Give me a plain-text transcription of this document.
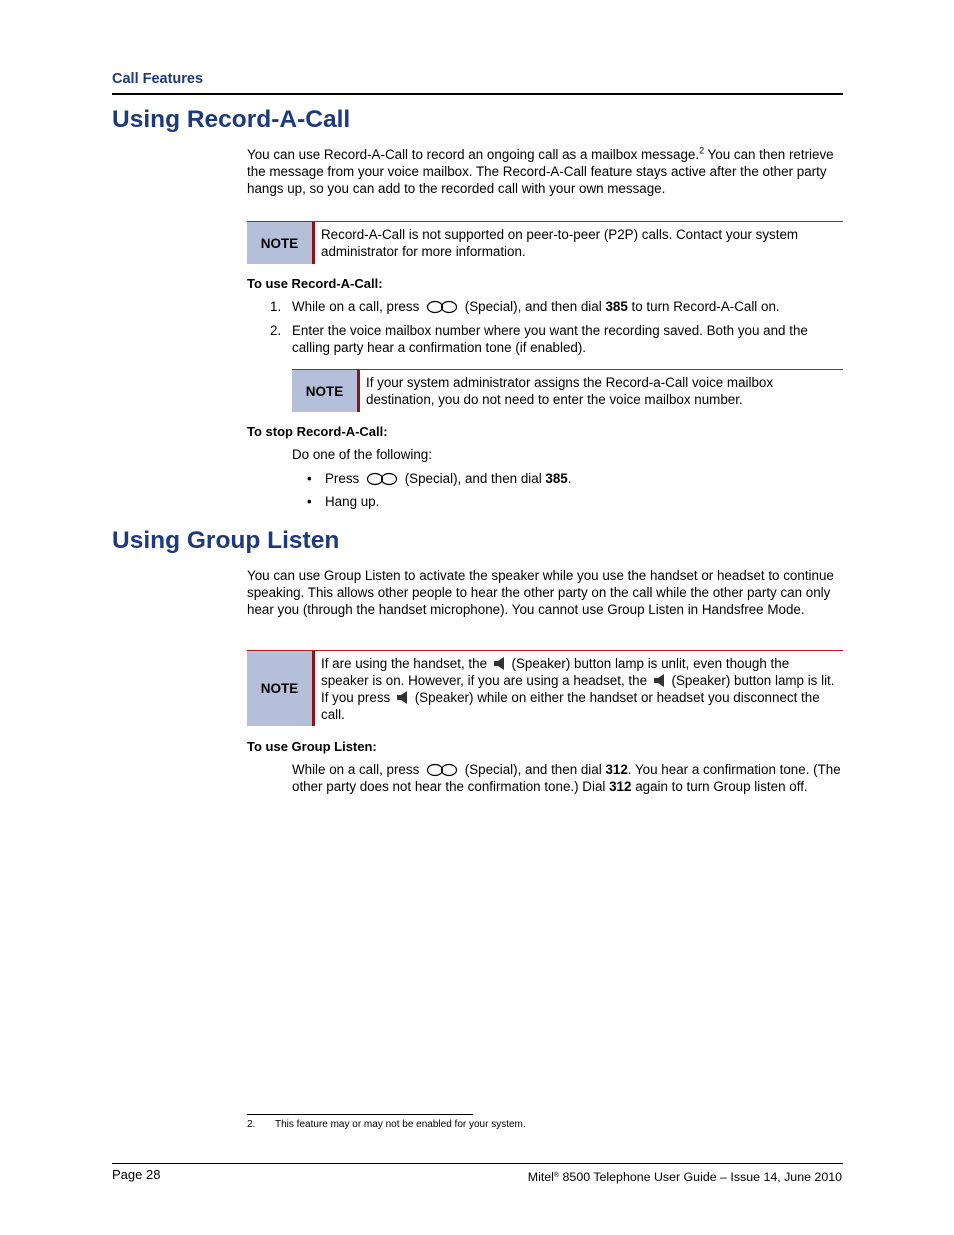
Call Features
Using Record-A-Call

You can use Record-A-Call to record an ongoing call as a mailbox message.$^2$ You can then retrieve the message from your voice mailbox. The Record-A-Call feature stays active after the other party hangs up, so you can add to the recorded call with your own message.

NOTE
Record-A-Call is not supported on peer-to-peer (P2P) calls. Contact your system administrator for more information.
To use Record-A-Call:
1. While on a call, press	(Special), and then dial 385 to turn Record-A-Call on.
2. Enter the voice mailbox number where you want the recording saved. Both you and the calling party hear a confirmation tone (if enabled).
NOTE
If your system administrator assigns the Record-a-Call voice mailbox destination, you do not need to enter the voice mailbox number.
To stop Record-A-Call:

Do one of the following:

• Press	(Special), and then dial 385.
• Hang up.
Using Group Listen

You can use Group Listen to activate the speaker while you use the handset or headset to continue speaking. This allows other people to hear the other party on the call while the other party can only hear you (through the handset microphone). You cannot use Group Listen in Handsfree Mode.

NOTE
If are using the handset, the (Speaker) button lamp is unlit, even though the speaker is on. However, if you are using a headset, the (Speaker) button lamp is lit. If you press (Speaker) while on either the handset or headset you disconnect the call.
To use Group Listen:

While on a call, press	(Special), and then dial 312. You hear a confirmation tone. (The other party does not hear the confirmation tone.) Dial 312 again to turn Group listen off.

2.	This feature may or may not be enabled for your system.
Page 28	Mitel® 8500 Telephone User Guide – Issue 14, June 2010
